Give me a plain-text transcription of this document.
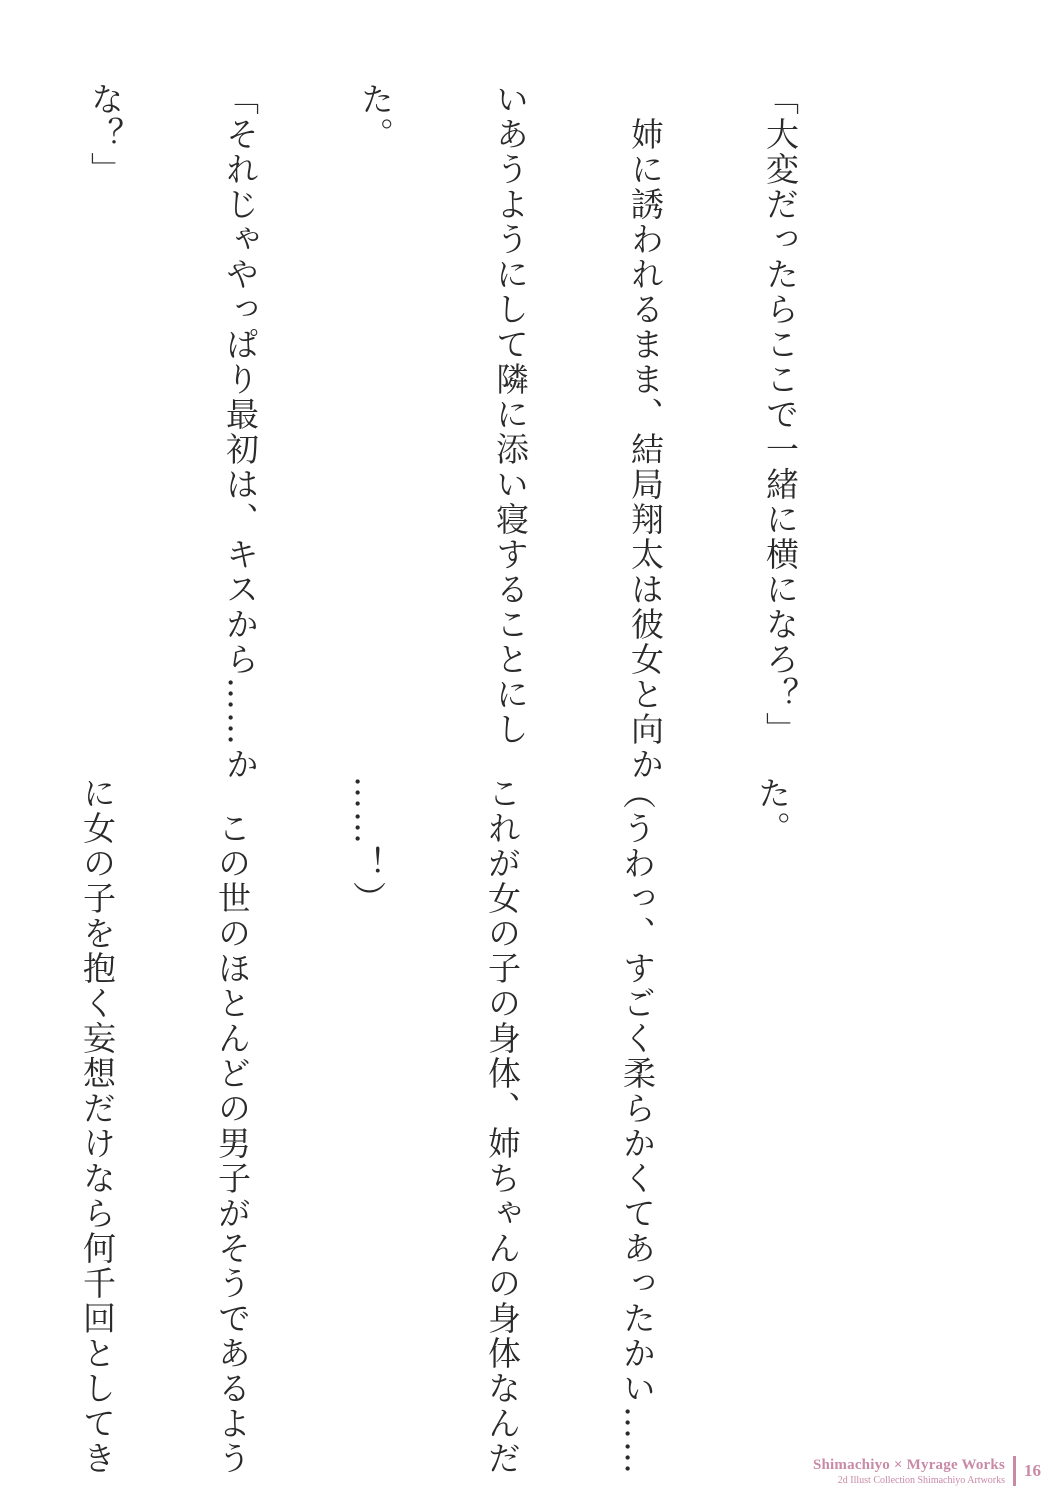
「大変だったらここで一緒に横になろ？」

　姉に誘われるまま、結局翔太は彼女と向か

いあうようにして隣に添い寝することにし

た。

「それじゃやっぱり最初は、キスから……か

な？」

た。

（うわっ、すごく柔らかくてあったかい……

これが女の子の身体、姉ちゃんの身体なんだ

……！）

　この世のほとんどの男子がそうであるよう

に女の子を抱く妄想だけなら何千回としてき

	Shimachiyo × Myrage Works
2d Illust Collection Shimachiyo Artworks
16
